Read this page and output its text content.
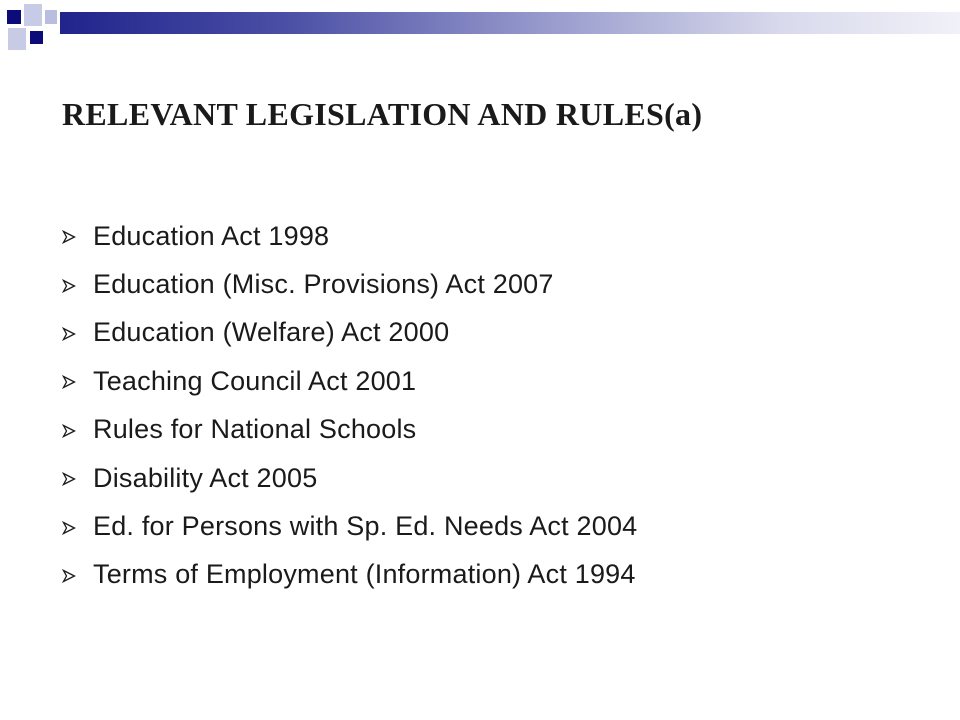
RELEVANT LEGISLATION AND RULES(a)
Education Act 1998
Education (Misc. Provisions) Act 2007
Education (Welfare) Act 2000
Teaching Council Act 2001
Rules for National Schools
Disability Act 2005
Ed. for Persons with Sp. Ed. Needs Act 2004
Terms of Employment (Information) Act 1994
